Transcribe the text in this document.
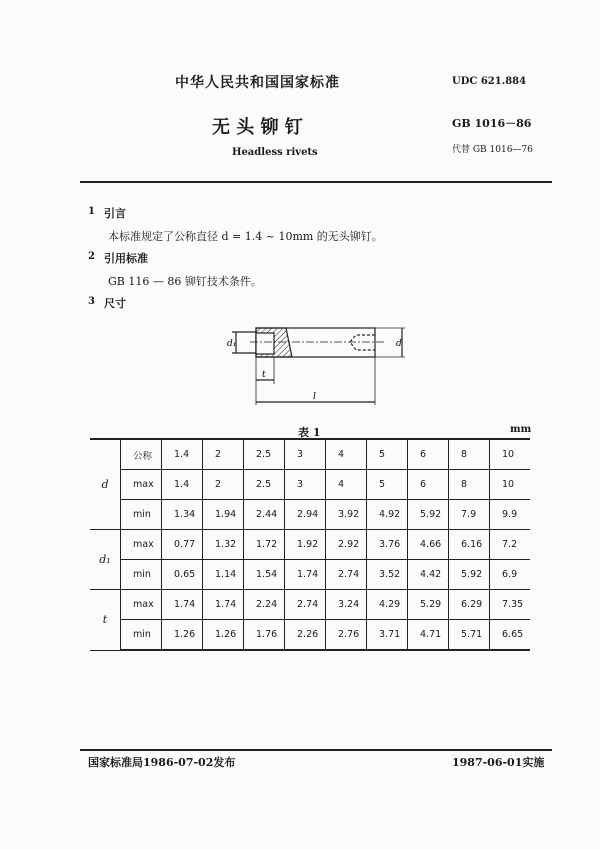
中华人民共和国国家标准	UDC 621.884
无 头 铆 钉	GB 1016－86
Headless rivets	代替 GB 1016—76
1 引言
本标准规定了公称直径 d = 1.4 ~ 10mm 的无头铆钉。
2 引用标准
GB 116 — 86 铆钉技术条件。
3 尺寸
d₁	d
t
l
表 1	mm
d	公称	1.4	2	2.5	3	4	5	6	8	10
	max	1.4	2	2.5	3	4	5	6	8	10
	min	1.34	1.94	2.44	2.94	3.92	4.92	5.92	7.9	9.9
d₁	max	0.77	1.32	1.72	1.92	2.92	3.76	4.66	6.16	7.2
	min	0.65	1.14	1.54	1.74	2.74	3.52	4.42	5.92	6.9
t	max	1.74	1.74	2.24	2.74	3.24	4.29	5.29	6.29	7.35
	min	1.26	1.26	1.76	2.26	2.76	3.71	4.71	5.71	6.65
国家标准局1986-07-02发布	1987-06-01实施
